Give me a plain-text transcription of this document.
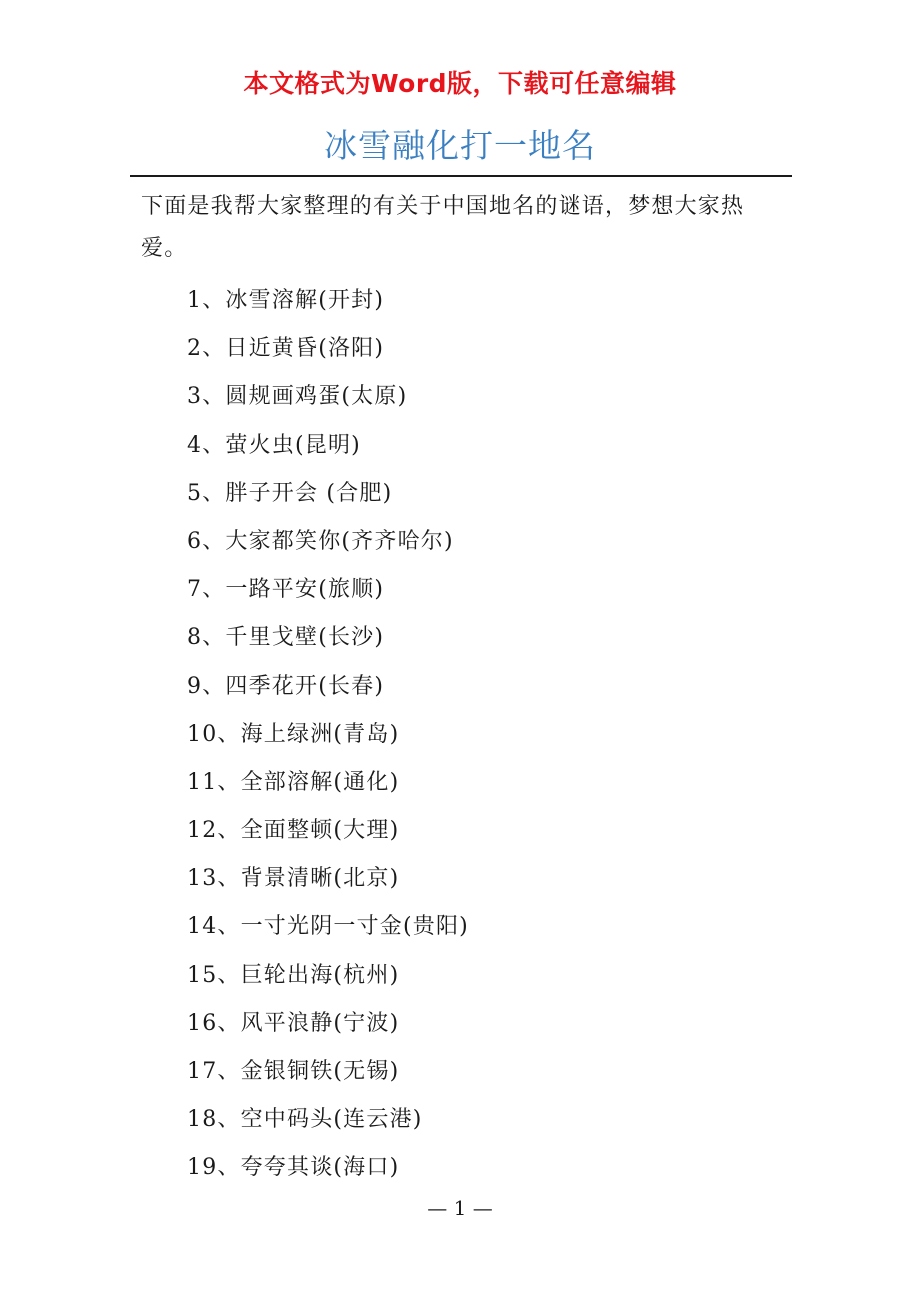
本文格式为Word版，下载可任意编辑
冰雪融化打一地名

下面是我帮大家整理的有关于中国地名的谜语，梦想大家热爱。

1、冰雪溶解(开封)
2、日近黄昏(洛阳)
3、圆规画鸡蛋(太原)
4、萤火虫(昆明)
5、胖子开会 (合肥)
6、大家都笑你(齐齐哈尔)
7、一路平安(旅顺)
8、千里戈壁(长沙)
9、四季花开(长春)
10、海上绿洲(青岛)
11、全部溶解(通化)
12、全面整顿(大理)
13、背景清晰(北京)
14、一寸光阴一寸金(贵阳)
15、巨轮出海(杭州)
16、风平浪静(宁波)
17、金银铜铁(无锡)
18、空中码头(连云港)
19、夸夸其谈(海口)
— 1 —
